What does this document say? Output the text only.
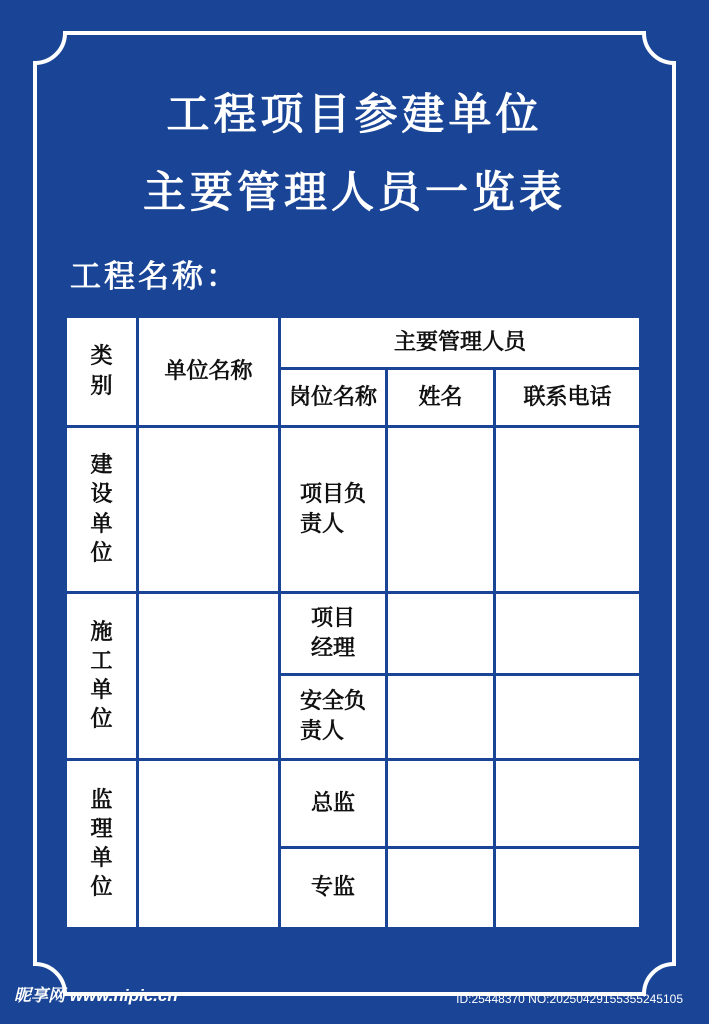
工程项目参建单位
主要管理人员一览表
工程名称：
类别	单位名称	主要管理人员		
		岗位名称	姓名	联系电话

建设单位		项目负责人		

施工单位		项目经理		

		安全负责人		

监理单位		总监		
		专监		
昵享网 www.nipic.cn	ID:25448370 NO:20250429155355245105
